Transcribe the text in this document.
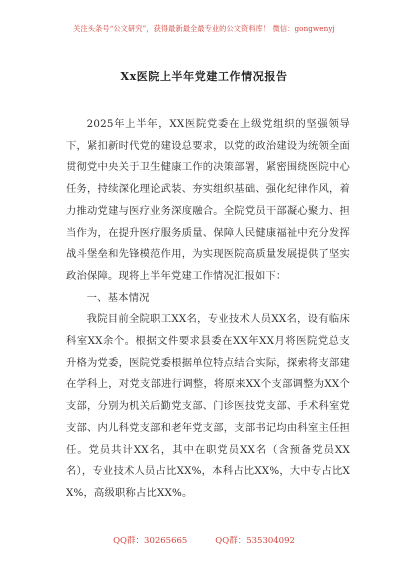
关注头条号“公文研究”，获得最新最全最专业的公文资料库！ 微信：gongwenyj
Xx医院上半年党建工作情况报告

2025年上半年，XX医院党委在上级党组织的坚强领导下，紧扣新时代党的建设总要求，以党的政治建设为统领全面贯彻党中央关于卫生健康工作的决策部署，紧密围绕医院中心任务，持续深化理论武装、夯实组织基础、强化纪律作风，着力推动党建与医疗业务深度融合。全院党员干部凝心聚力、担当作为，在提升医疗服务质量、保障人民健康福祉中充分发挥战斗堡垒和先锋模范作用，为实现医院高质量发展提供了坚实政治保障。现将上半年党建工作情况汇报如下：

一、基本情况

我院目前全院职工XX名，专业技术人员XX名，设有临床科室XX余个。根据文件要求县委在XX年XX月将医院党总支升格为党委，医院党委根据单位特点结合实际，探索将支部建在学科上，对党支部进行调整，将原来XX个支部调整为XX个支部，分别为机关后勤党支部、门诊医技党支部、手术科室党支部、内儿科党支部和老年党支部，支部书记均由科室主任担任。党员共计XX名，其中在职党员XX名（含预备党员XX名），专业技术人员占比XX%，本科占比XX%，大中专占比XX%，高级职称占比XX%。

QQ群：30265665	QQ群：535304092
